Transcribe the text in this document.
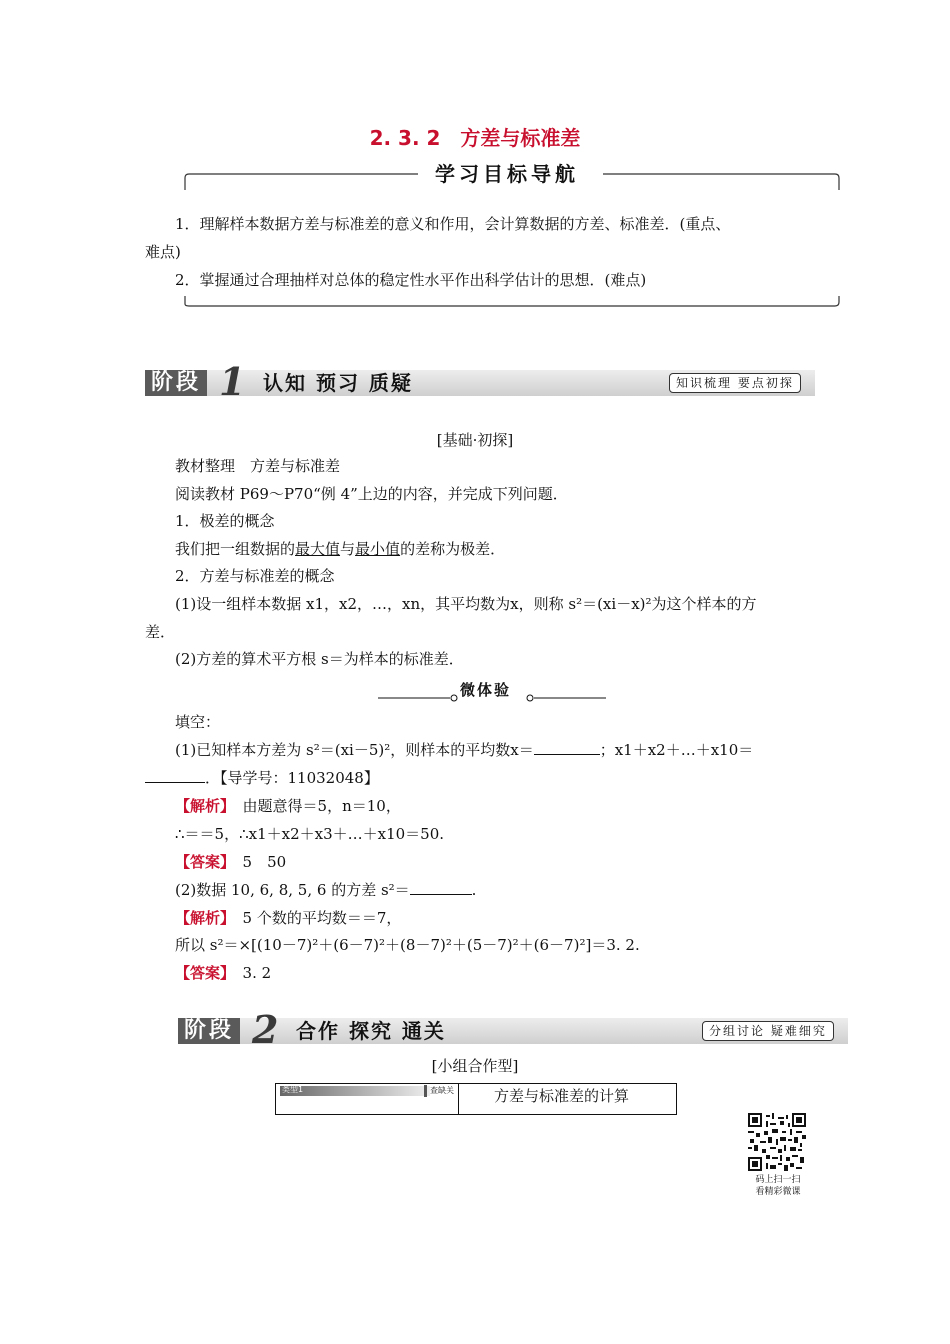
2. 3. 2　方差与标准差
学习目标导航
1．理解样本数据方差与标准差的意义和作用，会计算数据的方差、标准差．(重点、
难点)
2．掌握通过合理抽样对总体的稳定性水平作出科学估计的思想．(难点)
阶段 1 认知 预习 质疑	知识梳理 要点初探
[基础·初探]
教材整理　方差与标准差
阅读教材 P69～P70“例 4”上边的内容，并完成下列问题．
1．极差的概念
我们把一组数据的最大值与最小值的差称为极差．
2．方差与标准差的概念
(1)设一组样本数据 x1，x2，…，xn，其平均数为x，则称 s²＝(xi－x)²为这个样本的方
差．
(2)方差的算术平方根 s＝为样本的标准差．
微体验
填空：
(1)已知样本方差为 s²＝(xi－5)²，则样本的平均数x＝	；x1＋x2＋…＋x10＝
．【导学号：11032048】
【解析】　 由题意得＝5，n＝10，
∴＝＝5，∴x1＋x2＋x3＋…＋x10＝50.
【答案】　 5　50
(2)数据 10, 6, 8, 5, 6 的方差 s²＝	.
【解析】　 5 个数的平均数＝＝7，
所以 s²＝×[(10－7)²＋(6－7)²＋(8－7)²＋(5－7)²＋(6－7)²]＝3. 2.
【答案】　 3. 2
阶段 2 合作 探究 通关	分组讨论 疑难细究
[小组合作型]
类型1	查缺关	方差与标准差的计算
码上扫一扫
看精彩微课
